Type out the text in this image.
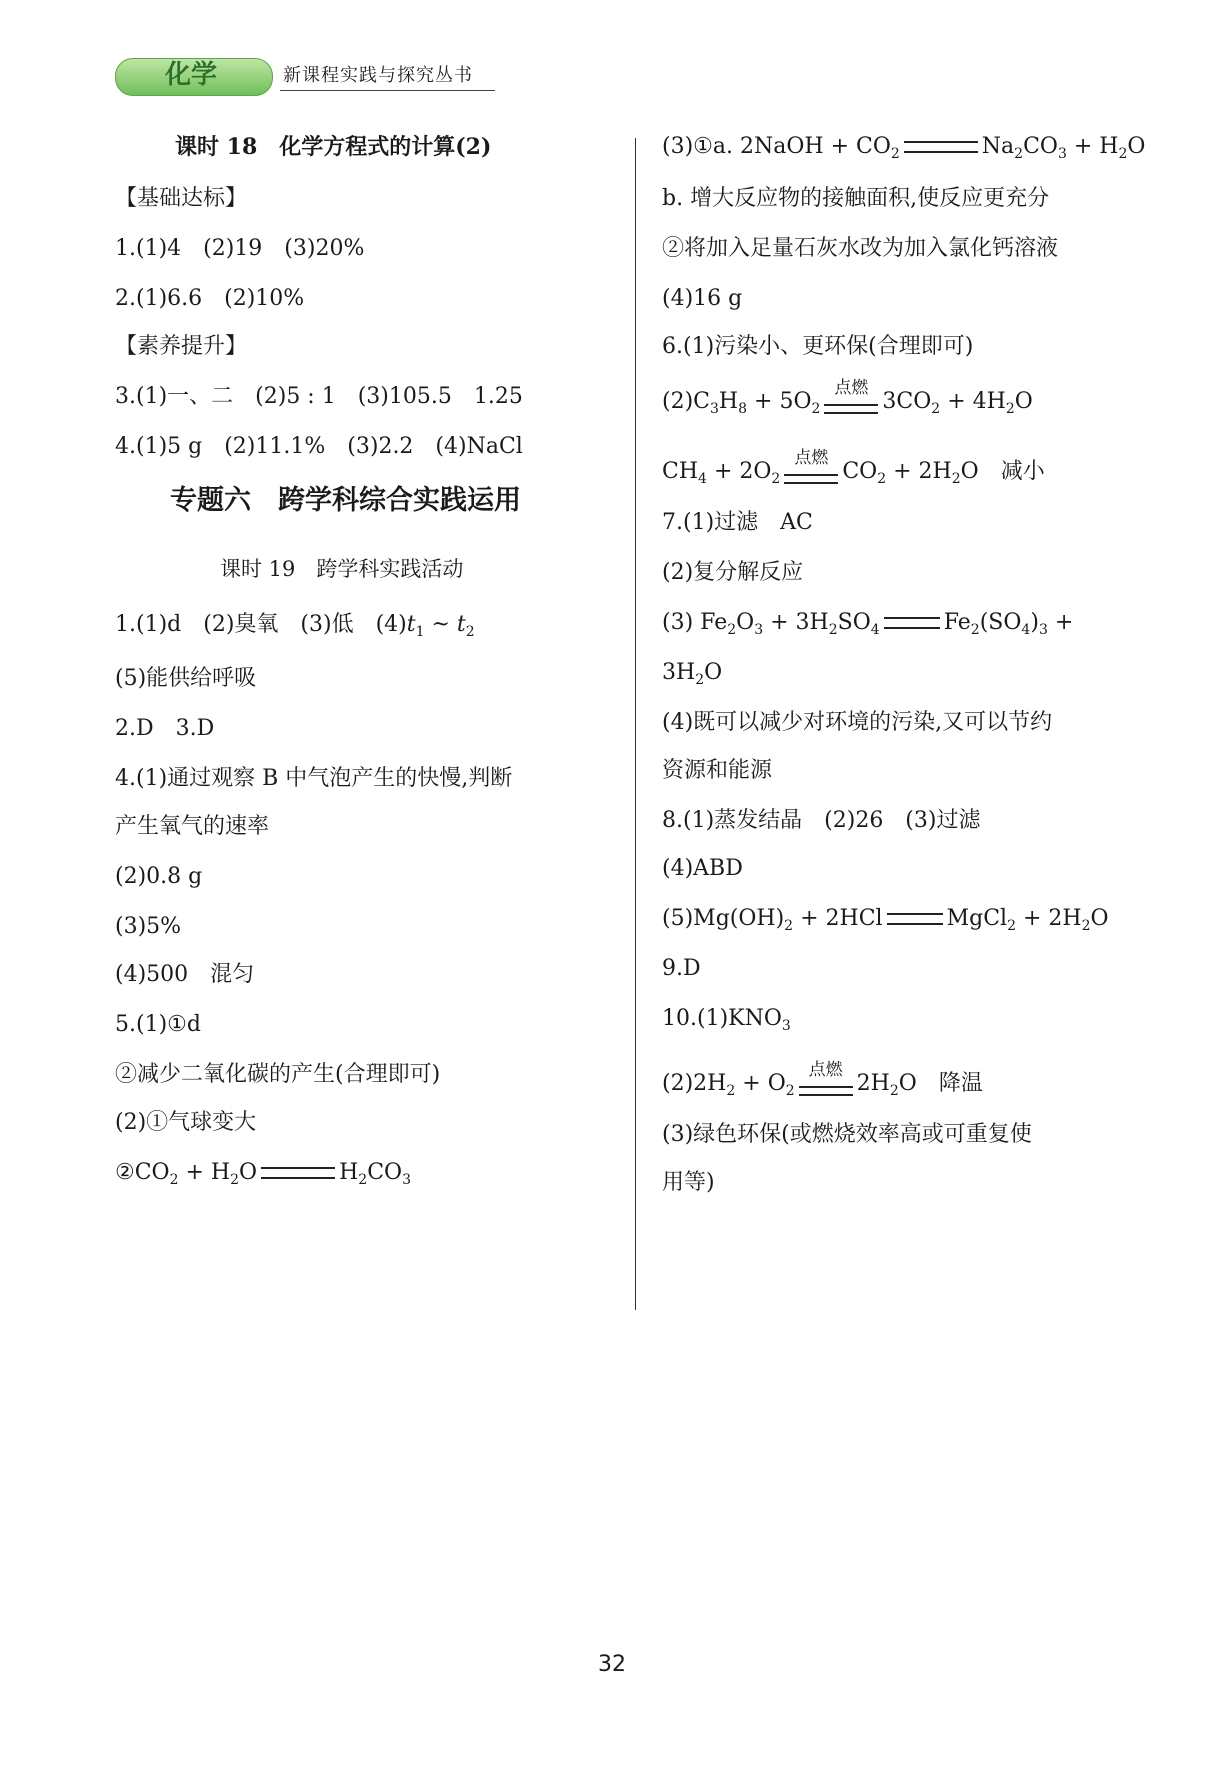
化学	新课程实践与探究丛书
课时 18　化学方程式的计算(2)
【基础达标】
1.(1)4　(2)19　(3)20%
2.(1)6.6　(2)10%
【素养提升】
3.(1)一、二　(2)5 : 1　(3)105.5　1.25
4.(1)5 g　(2)11.1%　(3)2.2　(4)NaCl
专题六　跨学科综合实践运用
课时 19　跨学科实践活动
1.(1)d　(2)臭氧　(3)低　$(4)t_1$ ~ $t_2$
(5)能供给呼吸
2.D　3.D
4.(1)通过观察 B 中气泡产生的快慢,判断
产生氧气的速率
(2)0.8 g
(3)5%
(4)500　混匀
5.(1)①d
②减少二氧化碳的产生(合理即可)
(2)①气球变大
$②CO_2 + H_2O$	$H_2CO_3$
(3)①a. 2NaOH + $CO_2$	$Na_2CO_3 + H_2O$
b. 增大反应物的接触面积,使反应更充分
②将加入足量石灰水改为加入氯化钙溶液
(4)16 g
6.(1)污染小、更环保(合理即可)
$(2)C_3H_8 + 5O_2$
点燃
$3CO_2 + 4H_2O$
$CH_4 + 2O_2$
点燃
$CO_2 + 2H_2O$　减小
7.(1)过滤　AC
(2)复分解反应
(3) $Fe_2O_3 + 3H_2SO_4$	$Fe_2(SO_4)_3$ +
$3H_2O$
(4)既可以减少对环境的污染,又可以节约
资源和能源
8.(1)蒸发结晶　(2)26　(3)过滤
(4)ABD
$(5)Mg(OH)_2 + 2HCl$	MgCl$_2$ + $2H_2O$
9.D
$10.(1)KNO_3$
$(2)2H_2 + O_2$
点燃
$2H_2O$　降温
(3)绿色环保(或燃烧效率高或可重复使
用等)
32
